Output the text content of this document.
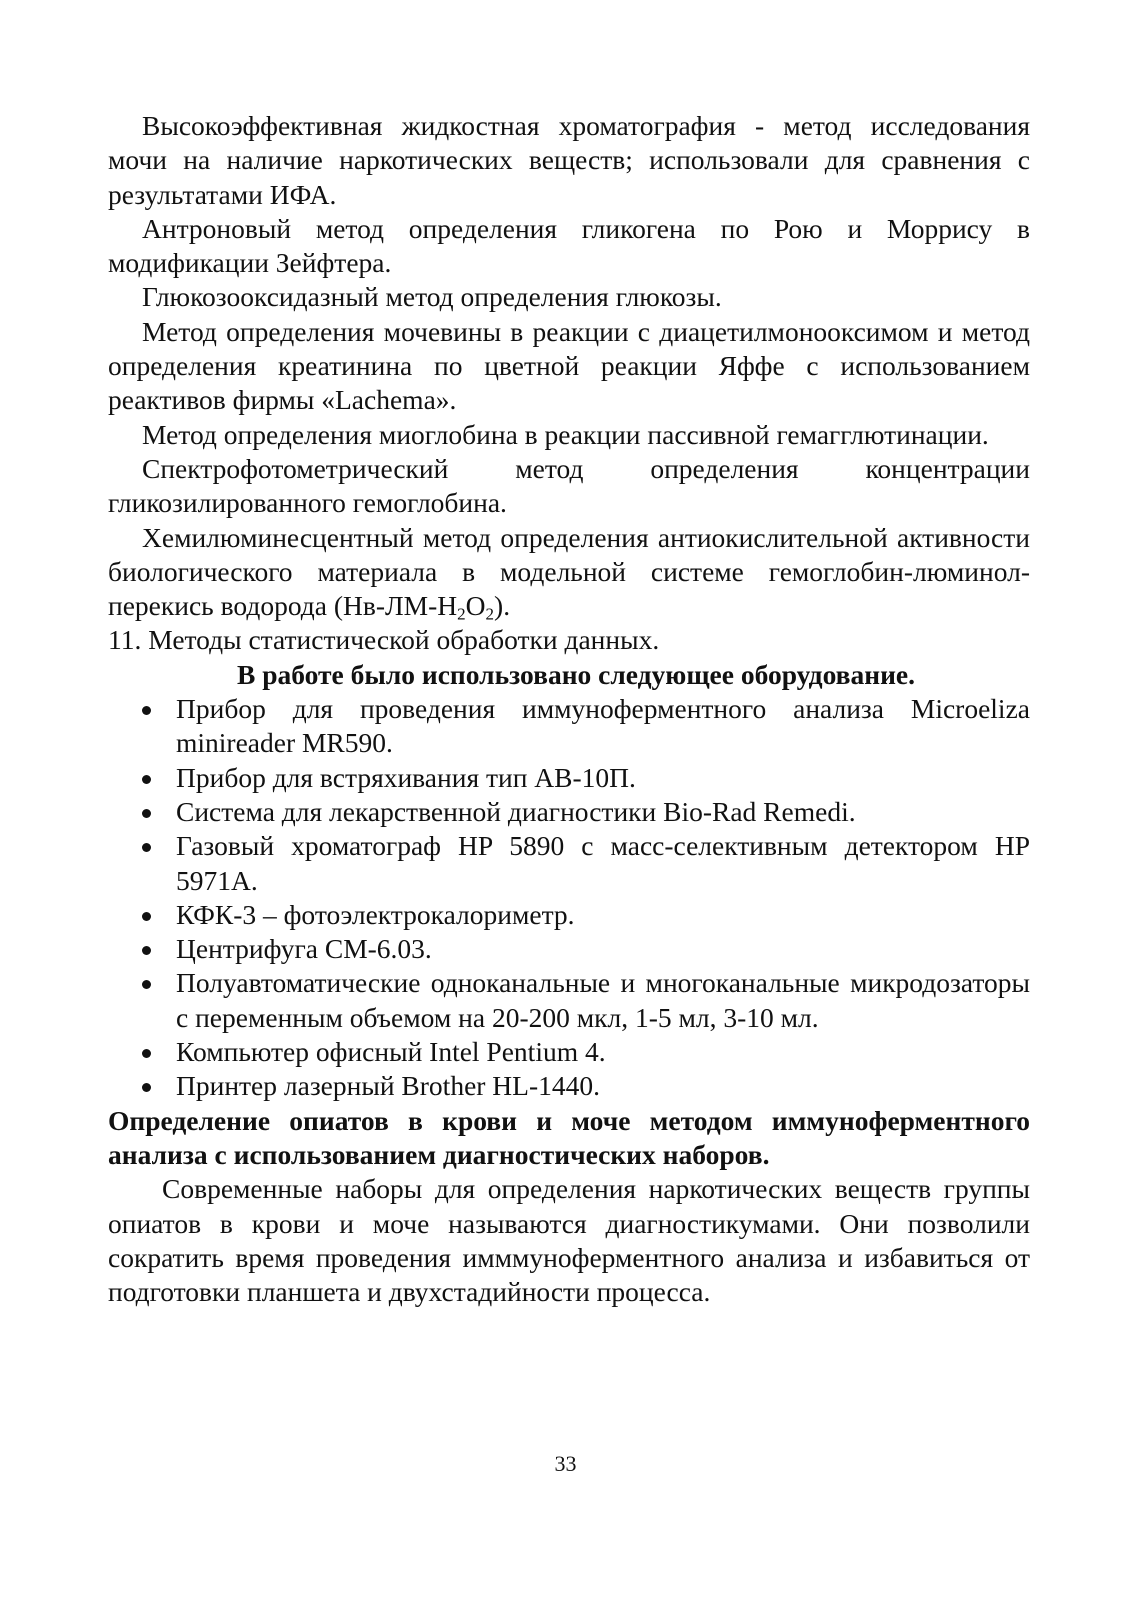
Высокоэффективная жидкостная хроматография - метод исследования мочи на наличие наркотических веществ; использовали для сравнения с результатами ИФА.

Антроновый метод определения гликогена по Рою и Моррису в модификации Зейфтера.

Глюкозооксидазный метод определения глюкозы.

Метод определения мочевины в реакции с диацетилмонооксимом и метод определения креатинина по цветной реакции Яффе с использованием реактивов фирмы «Lachema».

Метод определения миоглобина в реакции пассивной гемагглютинации.

Спектрофотометрический метод определения концентрации гликозилированного гемоглобина.

Хемилюминесцентный метод определения антиокислительной активности биологического материала в модельной системе гемоглобин-люминол-перекись водорода $(Нв-ЛМ-Н_2О_2)$.

11. Методы статистической обработки данных.

В работе было использовано следующее оборудование.

Прибор для проведения иммуноферментного анализа Microeliza minireader MR590.
Прибор для встряхивания тип АВ-10П.
Система для лекарственной диагностики Bio-Rad Remedi.
Газовый хроматограф HP 5890 с масс-селективным детектором HP 5971A.
КФК-3 – фотоэлектрокалориметр.
Центрифуга СМ-6.03.
Полуавтоматические одноканальные и многоканальные микродозаторы с переменным объемом на 20-200 мкл, 1-5 мл, 3-10 мл.
Компьютер офисный Intel Pentium 4.
Принтер лазерный Brother HL-1440.

Определение опиатов в крови и моче методом иммуноферментного анализа с использованием диагностических наборов.

Современные наборы для определения наркотических веществ группы опиатов в крови и моче называются диагностикумами. Они позволили сократить время проведения имммуноферментного анализа и избавиться от подготовки планшета и двухстадийности процесса.

33
